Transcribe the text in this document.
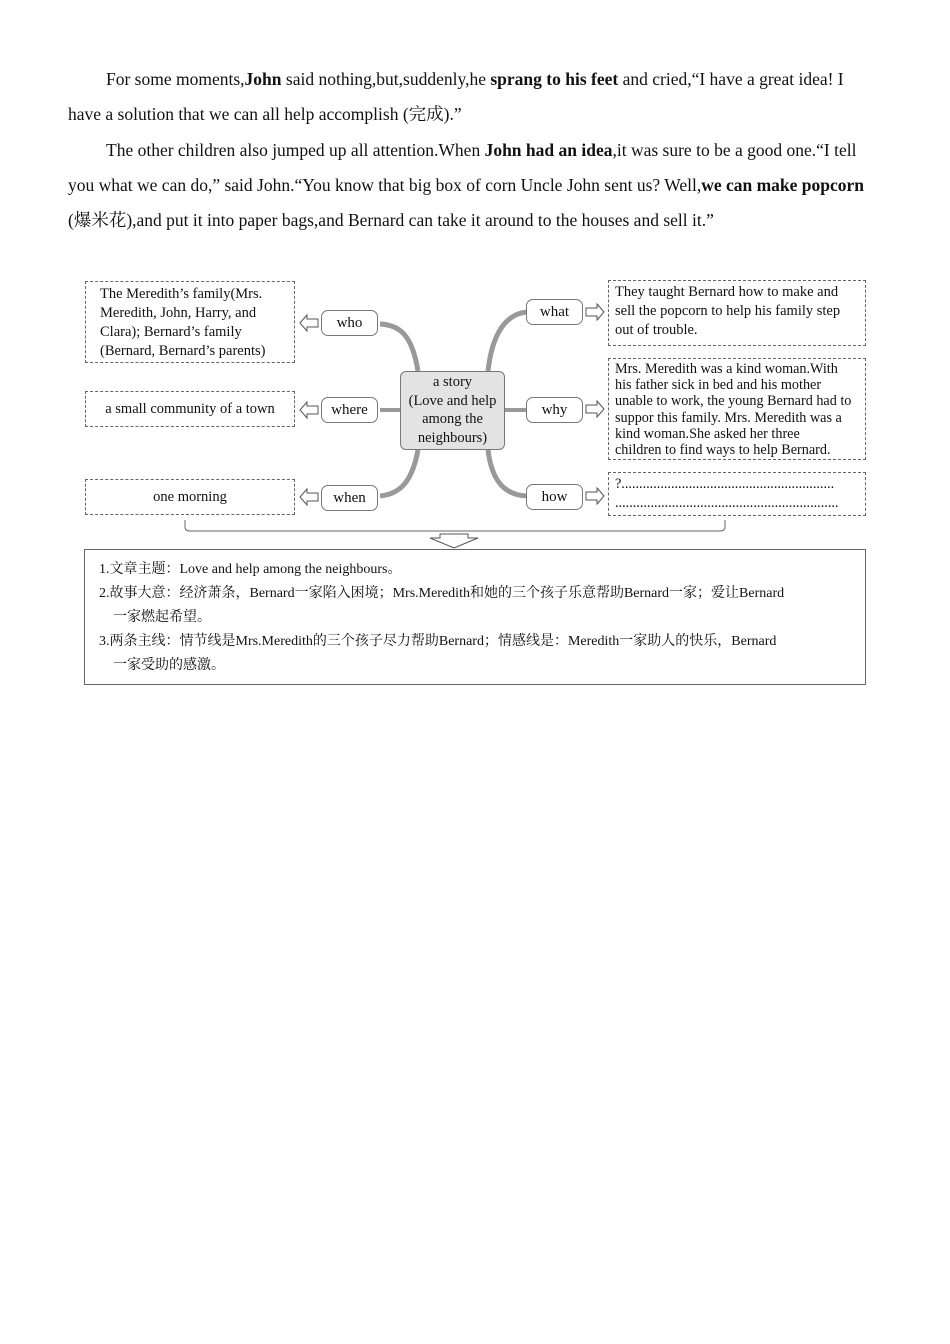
For some moments,John said nothing,but,suddenly,he sprang to his feet and cried,“I have a great idea! I have a solution that we can all help accomplish (完成).”

The other children also jumped up all attention.When John had an idea,it was sure to be a good one.“I tell you what we can do,” said John.“You know that big box of corn Uncle John sent us? Well,we can make popcorn (爆米花),and put it into paper bags,and Bernard can take it around to the houses and sell it.”

a story
(Love and help
among the
neighbours)
who
where
when
what
why
how
The Meredith’s family(Mrs.
Meredith, John, Harry, and
Clara); Bernard’s family
(Bernard, Bernard’s parents)
a small community of a town
one morning
They taught Bernard how to make and
sell the popcorn to help his family step
out of trouble.
Mrs. Meredith was a kind woman.With
his father sick in bed and his mother
unable to work, the young Bernard had to
suppor this family. Mrs. Meredith was a
kind woman.She asked her three
children to find ways to help Bernard.
?............................................................
...............................................................

1.文章主题：Love and help among the neighbours。

2.故事大意：经济萧条，Bernard一家陷入困境；Mrs.Meredith和她的三个孩子乐意帮助Bernard一家；爱让Bernard

一家燃起希望。

3.两条主线：情节线是Mrs.Meredith的三个孩子尽力帮助Bernard；情感线是：Meredith一家助人的快乐，Bernard

一家受助的感激。
